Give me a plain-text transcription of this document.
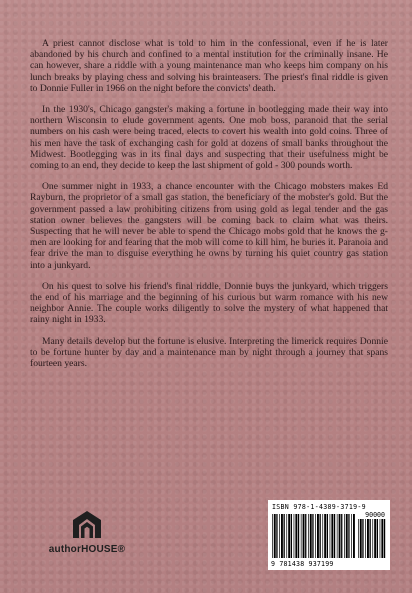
A priest cannot disclose what is told to him in the confessional, even if he is later abandoned by his church and confined to a mental institution for the criminally insane. He can however, share a riddle with a young maintenance man who keeps him company on his lunch breaks by playing chess and solving his brainteasers. The priest's final riddle is given to Donnie Fuller in 1966 on the night before the convicts' death.

In the 1930's, Chicago gangster's making a fortune in bootlegging made their way into northern Wisconsin to elude government agents. One mob boss, paranoid that the serial numbers on his cash were being traced, elects to covert his wealth into gold coins. Three of his men have the task of exchanging cash for gold at dozens of small banks throughout the Midwest. Bootlegging was in its final days and suspecting that their usefulness might be coming to an end, they decide to keep the last shipment of gold - 300 pounds worth.

One summer night in 1933, a chance encounter with the Chicago mobsters makes Ed Rayburn, the proprietor of a small gas station, the beneficiary of the mobster's gold. But the government passed a law prohibiting citizens from using gold as legal tender and the gas station owner believes the gangsters will be coming back to claim what was theirs. Suspecting that he will never be able to spend the Chicago mobs gold that he knows the g-men are looking for and fearing that the mob will come to kill him, he buries it. Paranoia and fear drive the man to disguise everything he owns by turning his quiet country gas station into a junkyard.

On his quest to solve his friend's final riddle, Donnie buys the junkyard, which triggers the end of his marriage and the beginning of his curious but warm romance with his new neighbor Annie. The couple works diligently to solve the mystery of what happened that rainy night in 1933.

Many details develop but the fortune is elusive. Interpreting the limerick requires Donnie to be fortune hunter by day and a maintenance man by night through a journey that spans fourteen years.

authorHOUSE®
ISBN 978-1-4389-3719-9
90000
9 781438 937199
